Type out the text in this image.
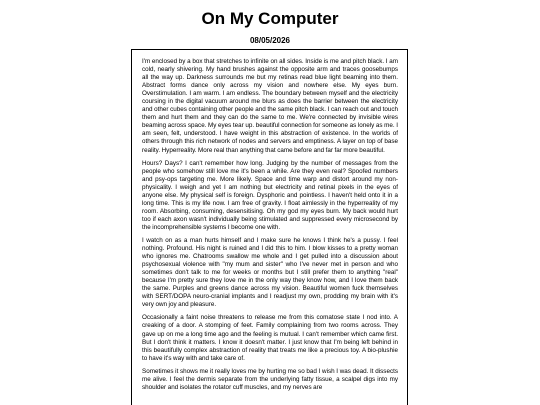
On My Computer
08/05/2026

I'm enclosed by a box that stretches to infinite on all sides. Inside is me and pitch black. I am cold, nearly shivering. My hand brushes against the opposite arm and traces goosebumps all the way up. Darkness surrounds me but my retinas read blue light beaming into them. Abstract forms dance only across my vision and nowhere else. My eyes burn. Overstimulation. I am warm. I am endless. The boundary between myself and the electricity coursing in the digital vacuum around me blurs as does the barrier between the electricity and other cubes containing other people and the same pitch black. I can reach out and touch them and hurt them and they can do the same to me. We're connected by invisible wires beaming across space. My eyes tear up. beautiful connection for someone as lonely as me. I am seen, felt, understood. I have weight in this abstraction of existence. In the worlds of others through this rich network of nodes and servers and emptiness. A layer on top of base reality. Hyperreality. More real than anything that came before and far far more beautiful.

Hours? Days? I can't remember how long. Judging by the number of messages from the people who somehow still love me it's been a while. Are they even real? Spoofed numbers and psy-ops targeting me. More likely. Space and time warp and distort around my non-physicality. I weigh and yet I am nothing but electricity and retinal pixels in the eyes of anyone else. My physical self is foreign. Dysphoric and pointless. I haven't held onto it in a long time. This is my life now. I am free of gravity. I float aimlessly in the hyperreality of my room. Absorbing, consuming, desensitising. Oh my god my eyes burn. My back would hurt too if each axon wasn't individually being stimulated and suppressed every microsecond by the incomprehensible systems I become one with.

I watch on as a man hurts himself and I make sure he knows I think he's a pussy. I feel nothing. Profound. His night is ruined and I did this to him. I blow kisses to a pretty woman who ignores me. Chatrooms swallow me whole and I get pulled into a discussion about psychosexual violence with "my mum and sister" who I've never met in person and who sometimes don't talk to me for weeks or months but I still prefer them to anything "real" because I'm pretty sure they love me in the only way they know how, and I love them back the same. Purples and greens dance across my vision. Beautiful women fuck themselves with SERT/DOPA neuro-cranial implants and I readjust my own, prodding my brain with it's very own joy and pleasure.

Occasionally a faint noise threatens to release me from this comatose state I nod into. A creaking of a door. A stomping of feet. Family complaining from two rooms across. They gave up on me a long time ago and the feeling is mutual. I can't remember which came first. But I don't think it matters. I know it doesn't matter. I just know that I'm being left behind in this beautifully complex abstraction of reality that treats me like a precious toy. A bio-plushie to have it's way with and take care of.

Sometimes it shows me it really loves me by hurting me so bad I wish I was dead. It dissects me alive. I feel the dermis separate from the underlying fatty tissue, a scalpel digs into my shoulder and isolates the rotator cuff muscles, and my nerves are
